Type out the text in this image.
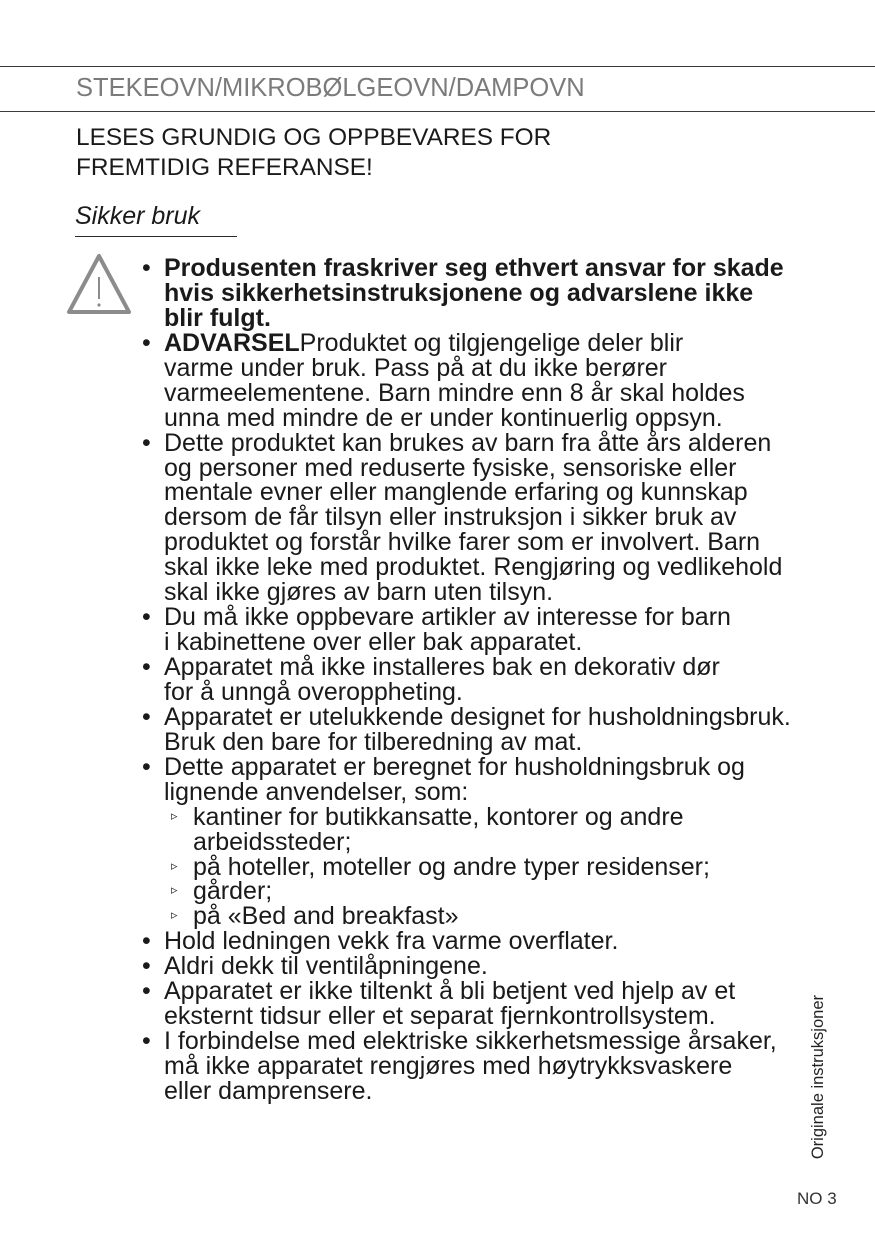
STEKEOVN/MIKROBØLGEOVN/DAMPOVN
LESES GRUNDIG OG OPPBEVARES FOR
FREMTIDIG REFERANSE!
Sikker bruk
• Produsenten fraskriver seg ethvert ansvar for skade
hvis sikkerhetsinstruksjonene og advarslene ikke
blir fulgt.
• ADVARSELProduktet og tilgjengelige deler blir
varme under bruk. Pass på at du ikke berører
varmeelementene. Barn mindre enn 8 år skal holdes
unna med mindre de er under kontinuerlig oppsyn.
• Dette produktet kan brukes av barn fra åtte års alderen
og personer med reduserte fysiske, sensoriske eller
mentale evner eller manglende erfaring og kunnskap
dersom de får tilsyn eller instruksjon i sikker bruk av
produktet og forstår hvilke farer som er involvert. Barn
skal ikke leke med produktet. Rengjøring og vedlikehold
skal ikke gjøres av barn uten tilsyn.
• Du må ikke oppbevare artikler av interesse for barn
i kabinettene over eller bak apparatet.
• Apparatet må ikke installeres bak en dekorativ dør
for å unngå overoppheting.
• Apparatet er utelukkende designet for husholdningsbruk.
Bruk den bare for tilberedning av mat.
• Dette apparatet er beregnet for husholdningsbruk og
lignende anvendelser, som:
▹ kantiner for butikkansatte, kontorer og andre
arbeidssteder;
▹ på hoteller, moteller og andre typer residenser;
▹ gårder;
▹ på «Bed and breakfast»
• Hold ledningen vekk fra varme overflater.
• Aldri dekk til ventilåpningene.
• Apparatet er ikke tiltenkt å bli betjent ved hjelp av et
eksternt tidsur eller et separat fjernkontrollsystem.
• I forbindelse med elektriske sikkerhetsmessige årsaker,
må ikke apparatet rengjøres med høytrykksvaskere
eller damprensere.	Originale instruksjoner
NO 3
